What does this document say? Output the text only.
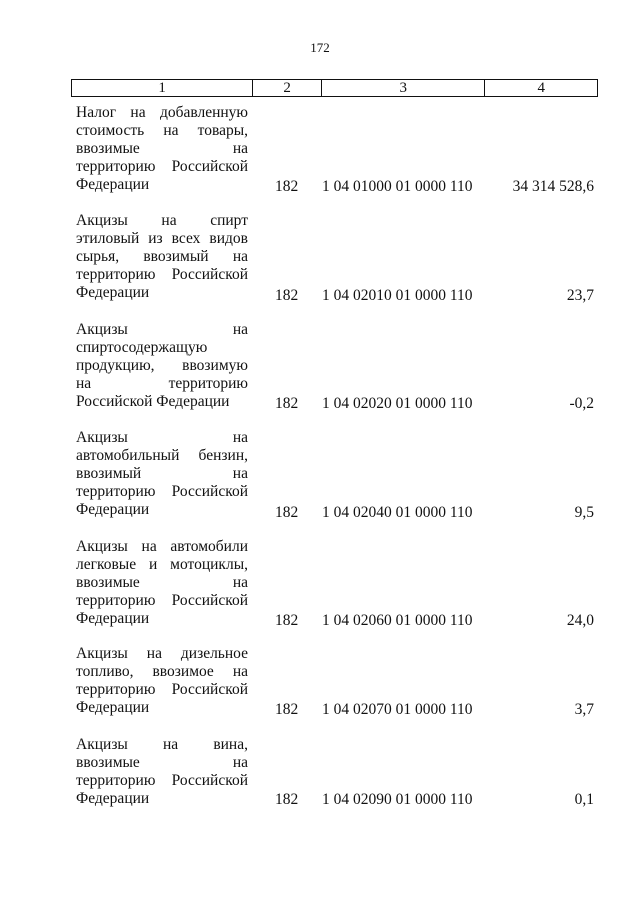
172
1	2	3	4
Налог на добавленную
стоимость на товары,
ввозимые на
территорию Российской
Федерации	182 1 04 01000 01 0000 110	34 314 528,6
Акцизы на спирт
этиловый из всех видов
сырья, ввозимый на
территорию Российской
Федерации	182 1 04 02010 01 0000 110	23,7
Акцизы на
спиртосодержащую
продукцию, ввозимую
на территорию
Российской Федерации	182 1 04 02020 01 0000 110	-0,2
Акцизы на
автомобильный бензин,
ввозимый на
территорию Российской
Федерации	182 1 04 02040 01 0000 110	9,5
Акцизы на автомобили
легковые и мотоциклы,
ввозимые на
территорию Российской
Федерации	182 1 04 02060 01 0000 110	24,0
Акцизы на дизельное
топливо, ввозимое на
территорию Российской
Федерации	182 1 04 02070 01 0000 110	3,7
Акцизы на вина,
ввозимые на
территорию Российской
Федерации	182 1 04 02090 01 0000 110	0,1
